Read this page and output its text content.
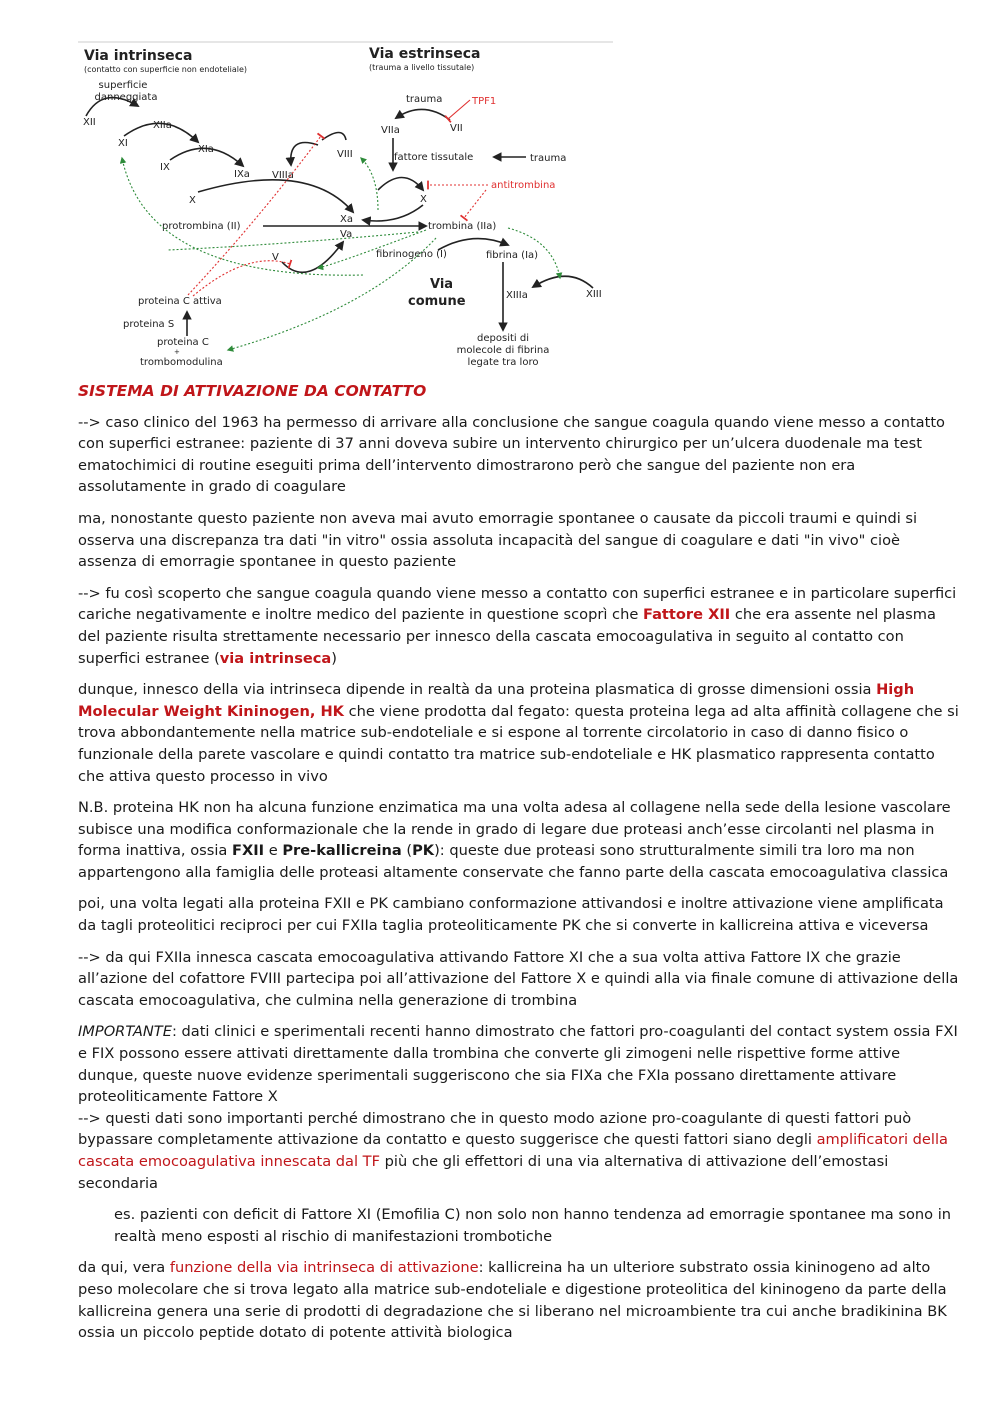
Via intrinseca
(contatto con superficie non endoteliale)
Via estrinseca
(trauma a livello tissutale)
superficie
danneggiata
XII	XIIa
XI
XIa
IX
IXa VIIIa
X
VIII
trauma	TPF1
VIIa	VII
fattore tissutale	trauma
antitrombina
X
Xa
Va
protrombina (II)	trombina (IIa)
V	fibrinogeno (I)	fibrina (Ia)
Via
comune	XIIIa	XIII
proteina C attiva
proteina S
proteina C
+
trombomodulina
depositi di
molecole di fibrina
legate tra loro
SISTEMA DI ATTIVAZIONE DA CONTATTO

--> caso clinico del 1963 ha permesso di arrivare alla conclusione che sangue coagula quando viene messo a contatto con superfici estranee: paziente di 37 anni doveva subire un intervento chirurgico per un’ulcera duodenale ma test ematochimici di routine eseguiti prima dell’intervento dimostrarono però che sangue del paziente non era assolutamente in grado di coagulare

ma, nonostante questo paziente non aveva mai avuto emorragie spontanee o causate da piccoli traumi e quindi si osserva una discrepanza tra dati "in vitro" ossia assoluta incapacità del sangue di coagulare e dati "in vivo" cioè assenza di emorragie spontanee in questo paziente

--> fu così scoperto che sangue coagula quando viene messo a contatto con superfici estranee e in particolare superfici cariche negativamente e inoltre medico del paziente in questione scoprì che Fattore XII che era assente nel plasma del paziente risulta strettamente necessario per innesco della cascata emocoagulativa in seguito al contatto con superfici estranee (via intrinseca)

dunque, innesco della via intrinseca dipende in realtà da una proteina plasmatica di grosse dimensioni ossia High Molecular Weight Kininogen, HK che viene prodotta dal fegato: questa proteina lega ad alta affinità collagene che si trova abbondantemente nella matrice sub-endoteliale e si espone al torrente circolatorio in caso di danno fisico o funzionale della parete vascolare e quindi contatto tra matrice sub-endoteliale e HK plasmatico rappresenta contatto che attiva questo processo in vivo

N.B. proteina HK non ha alcuna funzione enzimatica ma una volta adesa al collagene nella sede della lesione vascolare subisce una modifica conformazionale che la rende in grado di legare due proteasi anch’esse circolanti nel plasma in forma inattiva, ossia FXII e Pre-kallicreina (PK): queste due proteasi sono strutturalmente simili tra loro ma non appartengono alla famiglia delle proteasi altamente conservate che fanno parte della cascata emocoagulativa classica

poi, una volta legati alla proteina FXII e PK cambiano conformazione attivandosi e inoltre attivazione viene amplificata da tagli proteolitici reciproci per cui FXIIa taglia proteoliticamente PK che si converte in kallicreina attiva e viceversa

--> da qui FXIIa innesca cascata emocoagulativa attivando Fattore XI che a sua volta attiva Fattore IX che grazie all’azione del cofattore FVIII partecipa poi all’attivazione del Fattore X e quindi alla via finale comune di attivazione della cascata emocoagulativa, che culmina nella generazione di trombina

IMPORTANTE: dati clinici e sperimentali recenti hanno dimostrato che fattori pro-coagulanti del contact system ossia FXI e FIX possono essere attivati direttamente dalla trombina che converte gli zimogeni nelle rispettive forme attive dunque, queste nuove evidenze sperimentali suggeriscono che sia FIXa che FXIa possano direttamente attivare proteoliticamente Fattore X

--> questi dati sono importanti perché dimostrano che in questo modo azione pro-coagulante di questi fattori può bypassare completamente attivazione da contatto e questo suggerisce che questi fattori siano degli amplificatori della cascata emocoagulativa innescata dal TF più che gli effettori di una via alternativa di attivazione dell’emostasi secondaria

es. pazienti con deficit di Fattore XI (Emofilia C) non solo non hanno tendenza ad emorragie spontanee ma sono in realtà meno esposti al rischio di manifestazioni trombotiche

da qui, vera funzione della via intrinseca di attivazione: kallicreina ha un ulteriore substrato ossia kininogeno ad alto peso molecolare che si trova legato alla matrice sub-endoteliale e digestione proteolitica del kininogeno da parte della kallicreina genera una serie di prodotti di degradazione che si liberano nel microambiente tra cui anche bradikinina BK ossia un piccolo peptide dotato di potente attività biologica
